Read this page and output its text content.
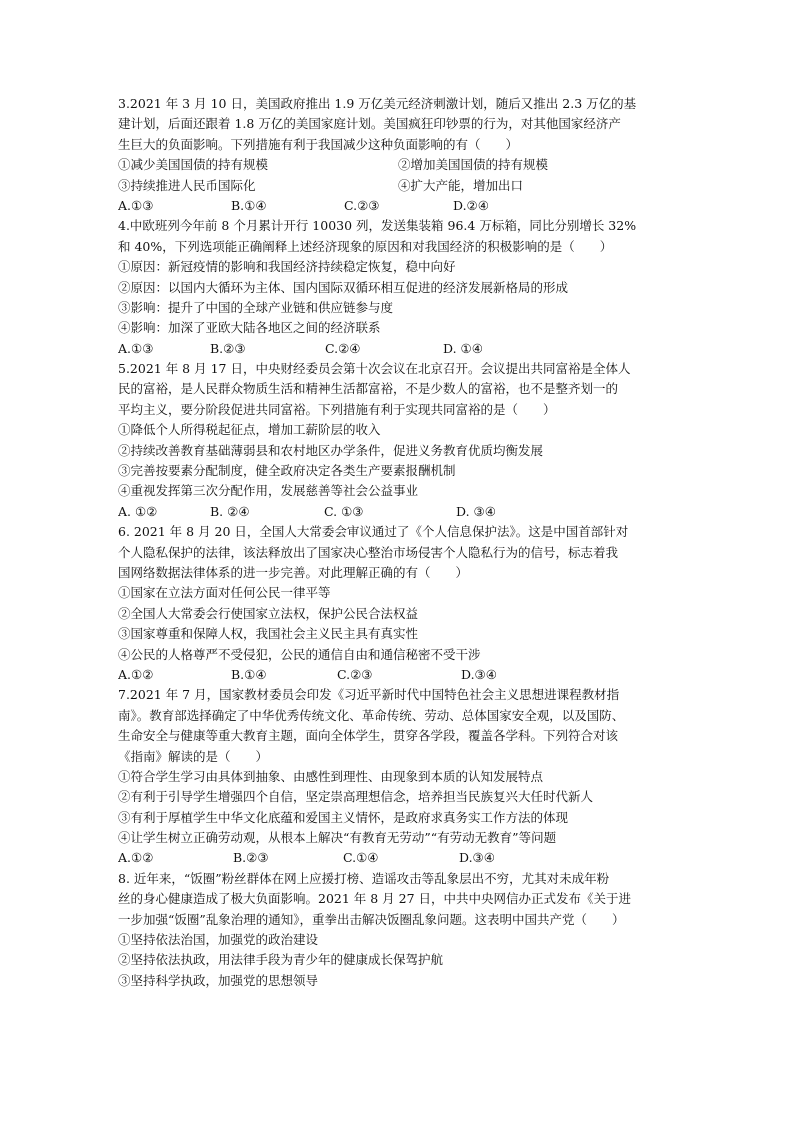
3.2021 年 3 月 10 日，美国政府推出 1.9 万亿美元经济刺激计划，随后又推出 2.3 万亿的基
建计划，后面还跟着 1.8 万亿的美国家庭计划。美国疯狂印钞票的行为，对其他国家经济产
生巨大的负面影响。下列措施有利于我国减少这种负面影响的有（　　）
①减少美国国债的持有规模	②增加美国国债的持有规模
③持续推进人民币国际化	④扩大产能，增加出口
A.①③	B.①④	C.②③	D.②④
4.中欧班列今年前 8 个月累计开行 10030 列，发送集装箱 96.4 万标箱，同比分别增长 32%
和 40%，下列选项能正确阐释上述经济现象的原因和对我国经济的积极影响的是（　　）
①原因：新冠疫情的影响和我国经济持续稳定恢复，稳中向好
②原因：以国内大循环为主体、国内国际双循环相互促进的经济发展新格局的形成
③影响：提升了中国的全球产业链和供应链参与度
④影响：加深了亚欧大陆各地区之间的经济联系
A.①③	B.②③	C.②④	D. ①④
5.2021 年 8 月 17 日，中央财经委员会第十次会议在北京召开。会议提出共同富裕是全体人
民的富裕，是人民群众物质生活和精神生活都富裕，不是少数人的富裕，也不是整齐划一的
平均主义，要分阶段促进共同富裕。下列措施有利于实现共同富裕的是（　　）
①降低个人所得税起征点，增加工薪阶层的收入
②持续改善教育基础薄弱县和农村地区办学条件，促进义务教育优质均衡发展
③完善按要素分配制度，健全政府决定各类生产要素报酬机制
④重视发挥第三次分配作用，发展慈善等社会公益事业
A. ①②	B. ②④	C. ①③	D. ③④
6. 2021 年 8 月 20 日，全国人大常委会审议通过了《个人信息保护法》。这是中国首部针对
个人隐私保护的法律，该法释放出了国家决心整治市场侵害个人隐私行为的信号，标志着我
国网络数据法律体系的进一步完善。对此理解正确的有（　　）
①国家在立法方面对任何公民一律平等
②全国人大常委会行使国家立法权，保护公民合法权益
③国家尊重和保障人权，我国社会主义民主具有真实性
④公民的人格尊严不受侵犯，公民的通信自由和通信秘密不受干涉
A.①②	B.①④	C.②③	D.③④
7.2021 年 7 月，国家教材委员会印发《习近平新时代中国特色社会主义思想进课程教材指
南》。教育部选择确定了中华优秀传统文化、革命传统、劳动、总体国家安全观，以及国防、
生命安全与健康等重大教育主题，面向全体学生，贯穿各学段，覆盖各学科。下列符合对该
《指南》解读的是（　　）
①符合学生学习由具体到抽象、由感性到理性、由现象到本质的认知发展特点
②有利于引导学生增强四个自信，坚定崇高理想信念，培养担当民族复兴大任时代新人
③有利于厚植学生中华文化底蕴和爱国主义情怀，是政府求真务实工作方法的体现
④让学生树立正确劳动观，从根本上解决“有教育无劳动”“有劳动无教育”等问题
A.①②	B.②③	C.①④	D.③④
8. 近年来，“饭圈”粉丝群体在网上应援打榜、造谣攻击等乱象层出不穷，尤其对未成年粉
丝的身心健康造成了极大负面影响。2021 年 8 月 27 日，中共中央网信办正式发布《关于进
一步加强“饭圈”乱象治理的通知》，重拳出击解决饭圈乱象问题。这表明中国共产党（　　）
①坚持依法治国，加强党的政治建设
②坚持依法执政，用法律手段为青少年的健康成长保驾护航
③坚持科学执政，加强党的思想领导
